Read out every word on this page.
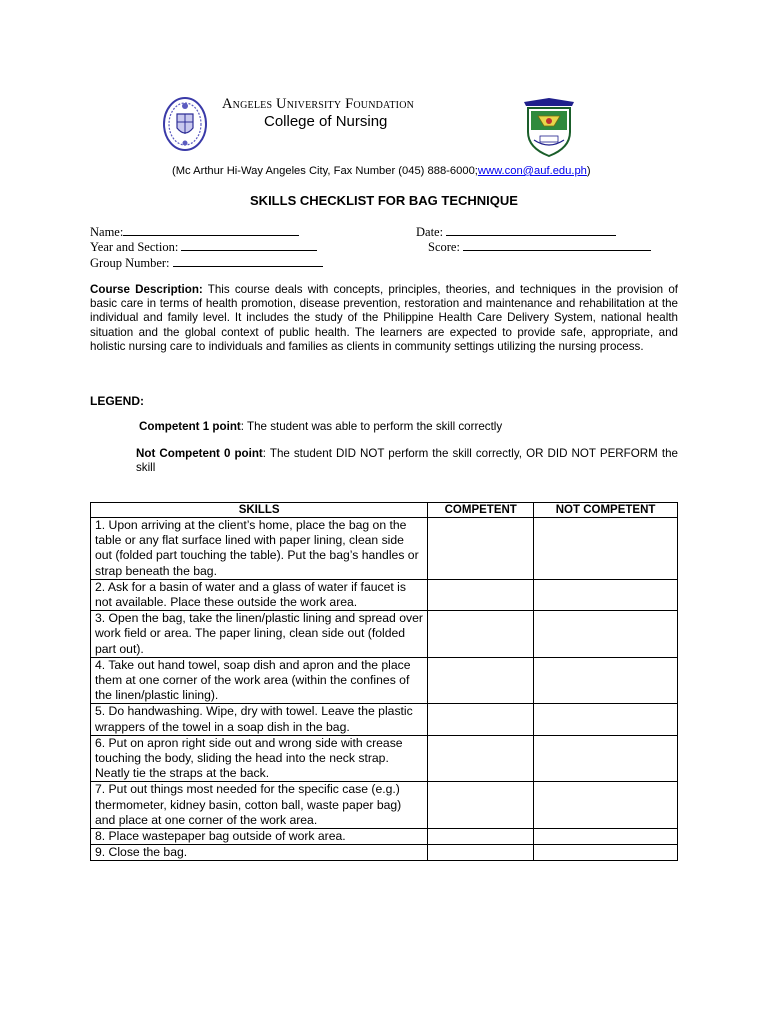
Angeles University Foundation
College of Nursing
(Mc Arthur Hi-Way Angeles City, Fax Number (045) 888-6000;www.con@auf.edu.ph)
SKILLS CHECKLIST FOR BAG TECHNIQUE
Name:	Date:
Year and Section:	Score:
Group Number:
Course Description: This course deals with concepts, principles, theories, and techniques in the provision of basic care in terms of health promotion, disease prevention, restoration and maintenance and rehabilitation at the individual and family level. It includes the study of the Philippine Health Care Delivery System, national health situation and the global context of public health. The learners are expected to provide safe, appropriate, and holistic nursing care to individuals and families as clients in community settings utilizing the nursing process.
LEGEND:
Competent 1 point: The student was able to perform the skill correctly
Not Competent 0 point: The student DID NOT perform the skill correctly, OR DID NOT PERFORM the skill
SKILLS	COMPETENT	NOT COMPETENT
1. Upon arriving at the client’s home, place the bag on the table or any flat surface lined with paper lining, clean side out (folded part touching the table). Put the bag’s handles or strap beneath the bag.		
2. Ask for a basin of water and a glass of water if faucet is not available. Place these outside the work area.		
3. Open the bag, take the linen/plastic lining and spread over work field or area. The paper lining, clean side out (folded part out).		
4. Take out hand towel, soap dish and apron and the place them at one corner of the work area (within the confines of the linen/plastic lining).		
5. Do handwashing. Wipe, dry with towel. Leave the plastic wrappers of the towel in a soap dish in the bag.		
6. Put on apron right side out and wrong side with crease touching the body, sliding the head into the neck strap. Neatly tie the straps at the back.		
7. Put out things most needed for the specific case (e.g.) thermometer, kidney basin, cotton ball, waste paper bag) and place at one corner of the work area.		
8. Place wastepaper bag outside of work area.		
9. Close the bag.		
